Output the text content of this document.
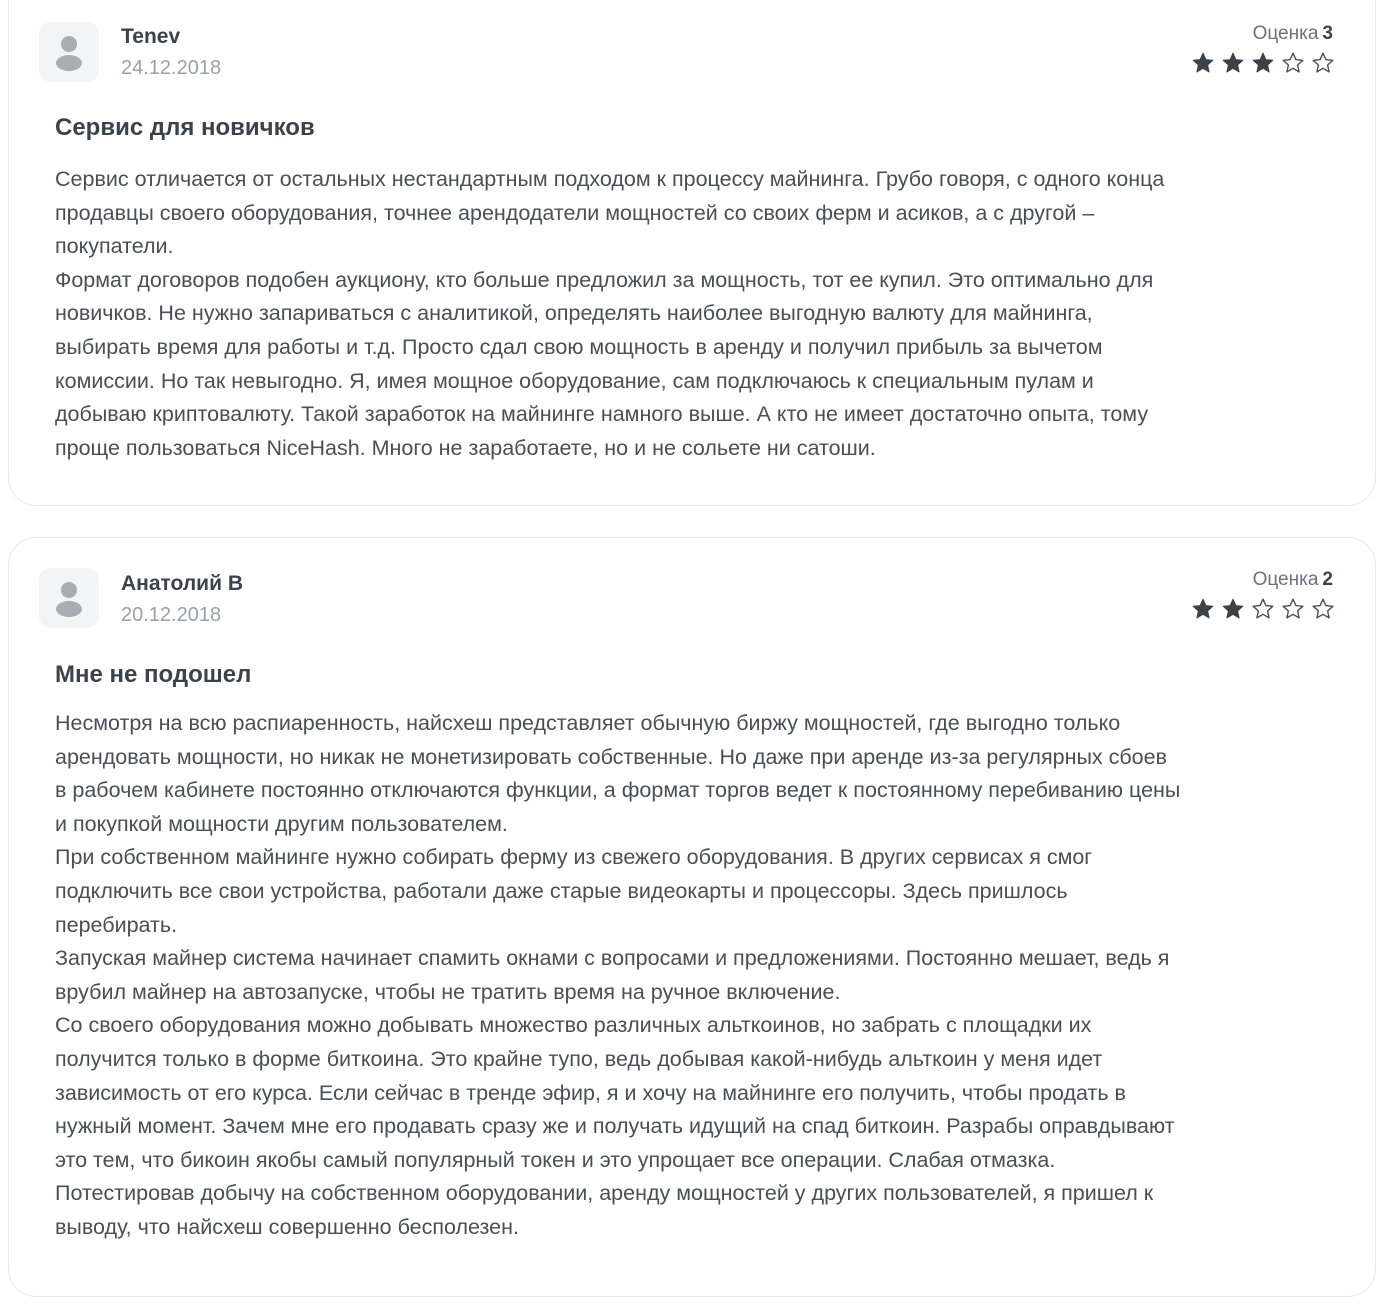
Tenev
24.12.2018
Оценка 3
Сервис для новичков

Сервис отличается от остальных нестандартным подходом к процессу майнинга. Грубо говоря, с одного конца
продавцы своего оборудования, точнее арендодатели мощностей со своих ферм и асиков, а с другой –
покупатели.

Формат договоров подобен аукциону, кто больше предложил за мощность, тот ее купил. Это оптимально для
новичков. Не нужно запариваться с аналитикой, определять наиболее выгодную валюту для майнинга,
выбирать время для работы и т.д. Просто сдал свою мощность в аренду и получил прибыль за вычетом
комиссии. Но так невыгодно. Я, имея мощное оборудование, сам подключаюсь к специальным пулам и
добываю криптовалюту. Такой заработок на майнинге намного выше. А кто не имеет достаточно опыта, тому
проще пользоваться NiceHash. Много не заработаете, но и не сольете ни сатоши.

Анатолий В
20.12.2018
Оценка 2
Мне не подошел

Несмотря на всю распиаренность, найсхеш представляет обычную биржу мощностей, где выгодно только
арендовать мощности, но никак не монетизировать собственные. Но даже при аренде из-за регулярных сбоев
в рабочем кабинете постоянно отключаются функции, а формат торгов ведет к постоянному перебиванию цены
и покупкой мощности другим пользователем.

При собственном майнинге нужно собирать ферму из свежего оборудования. В других сервисах я смог
подключить все свои устройства, работали даже старые видеокарты и процессоры. Здесь пришлось
перебирать.

Запуская майнер система начинает спамить окнами с вопросами и предложениями. Постоянно мешает, ведь я
врубил майнер на автозапуске, чтобы не тратить время на ручное включение.

Со своего оборудования можно добывать множество различных альткоинов, но забрать с площадки их
получится только в форме биткоина. Это крайне тупо, ведь добывая какой-нибудь альткоин у меня идет
зависимость от его курса. Если сейчас в тренде эфир, я и хочу на майнинге его получить, чтобы продать в
нужный момент. Зачем мне его продавать сразу же и получать идущий на спад биткоин. Разрабы оправдывают
это тем, что бикоин якобы самый популярный токен и это упрощает все операции. Слабая отмазка.

Потестировав добычу на собственном оборудовании, аренду мощностей у других пользователей, я пришел к
выводу, что найсхеш совершенно бесполезен.
